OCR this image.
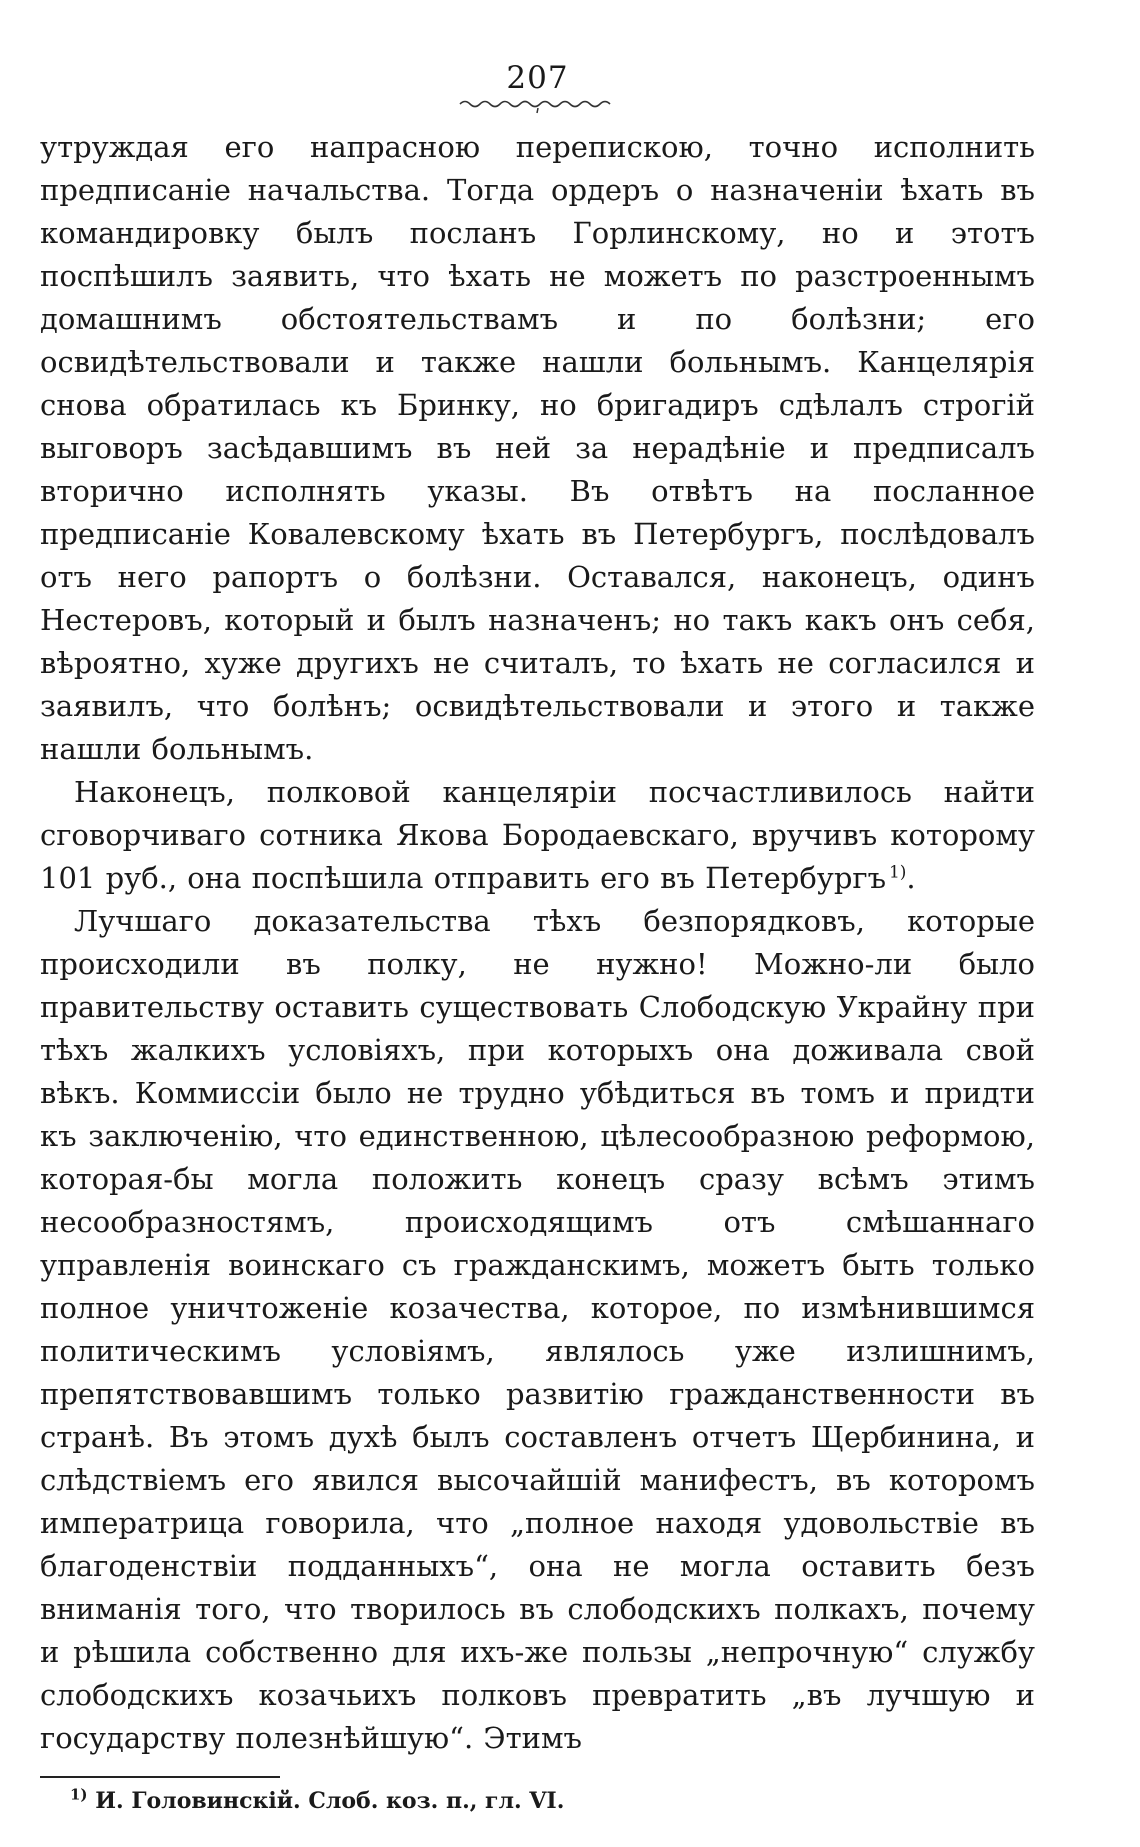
207

утруждая его напрасною перепискою, точно исполнить предписаніе начальства. Тогда ордеръ о назначеніи ѣхать въ командировку былъ посланъ Горлинскому, но и этотъ поспѣшилъ заявить, что ѣхать не можетъ по разстроеннымъ домашнимъ обстоятельствамъ и по болѣзни; его освидѣтельствовали и также нашли больнымъ. Канцелярія снова обратилась къ Бринку, но бригадиръ сдѣлалъ строгій выговоръ засѣдавшимъ въ ней за нерадѣніе и предписалъ вторично исполнять указы. Въ отвѣтъ на посланное предписаніе Ковалевскому ѣхать въ Петербургъ, послѣдовалъ отъ него рапортъ о болѣзни. Оставался, наконецъ, одинъ Нестеровъ, который и былъ назначенъ; но такъ какъ онъ себя, вѣроятно, хуже другихъ не считалъ, то ѣхать не согласился и заявилъ, что болѣнъ; освидѣтельствовали и этого и также нашли больнымъ.

Наконецъ, полковой канцеляріи посчастливилось найти сговорчиваго сотника Якова Бородаевскаго, вручивъ которому 101 руб., она поспѣшила отправить его въ Петербургъ  $^{1)}$.

Лучшаго доказательства тѣхъ безпорядковъ, которые происходили въ полку, не нужно! Можно-ли было правительству оставить существовать Слободскую Украйну при тѣхъ жалкихъ условіяхъ, при которыхъ она доживала свой вѣкъ. Коммиссіи было не трудно убѣдиться въ томъ и придти къ заключенію, что единственною, цѣлесообразною реформою, которая-бы могла положить конецъ сразу всѣмъ этимъ несообразностямъ, происходящимъ отъ смѣшаннаго управленія воинскаго съ гражданскимъ, можетъ быть только полное уничтоженіе козачества, которое, по измѣнившимся политическимъ условіямъ, являлось уже излишнимъ, препятствовавшимъ только развитію гражданственности въ странѣ. Въ этомъ духѣ былъ составленъ отчетъ Щербинина, и слѣдствіемъ его явился высочайшій манифестъ, въ которомъ императрица говорила, что „полное находя удовольствіе въ благоденствіи подданныхъ“, она не могла оставить безъ вниманія того, что творилось въ слободскихъ полкахъ, почему и рѣшила собственно для ихъ-же пользы „непрочную“ службу слободскихъ козачьихъ полковъ превратить „въ лучшую и государству полезнѣйшую“. Этимъ

$^{1)}$ И. Головинскій. Слоб. коз. п., гл. VI.
